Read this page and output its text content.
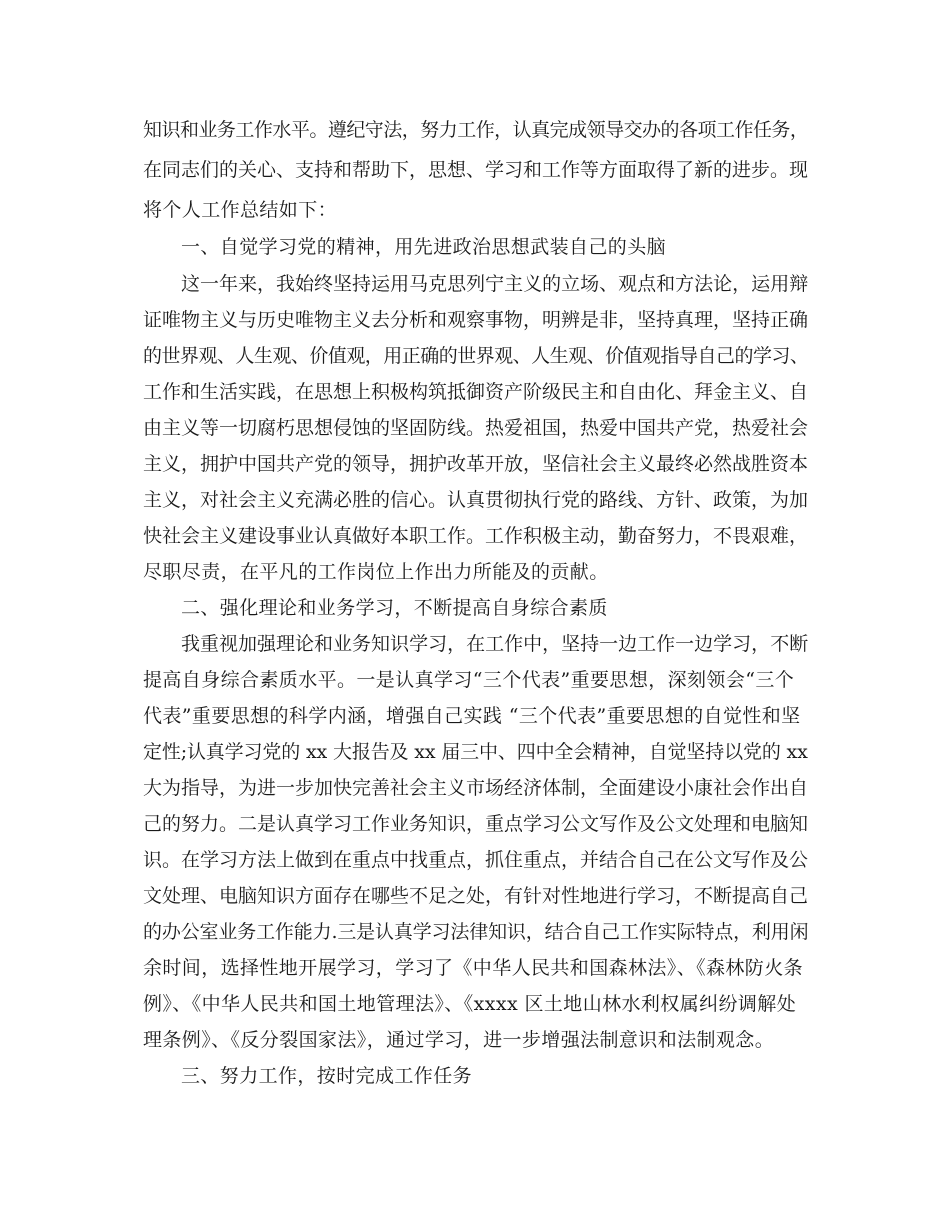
知识和业务工作水平。遵纪守法，努力工作，认真完成领导交办的各项工作任务，
在同志们的关心、支持和帮助下，思想、学习和工作等方面取得了新的进步。现
将个人工作总结如下：
一、自觉学习党的精神，用先进政治思想武装自己的头脑
这一年来，我始终坚持运用马克思列宁主义的立场、观点和方法论，运用辩
证唯物主义与历史唯物主义去分析和观察事物，明辨是非，坚持真理，坚持正确
的世界观、人生观、价值观，用正确的世界观、人生观、价值观指导自己的学习、
工作和生活实践，在思想上积极构筑抵御资产阶级民主和自由化、拜金主义、自
由主义等一切腐朽思想侵蚀的坚固防线。热爱祖国，热爱中国共产党，热爱社会
主义，拥护中国共产党的领导，拥护改革开放，坚信社会主义最终必然战胜资本
主义，对社会主义充满必胜的信心。认真贯彻执行党的路线、方针、政策，为加
快社会主义建设事业认真做好本职工作。工作积极主动，勤奋努力，不畏艰难，
尽职尽责，在平凡的工作岗位上作出力所能及的贡献。
二、强化理论和业务学习，不断提高自身综合素质
我重视加强理论和业务知识学习，在工作中，坚持一边工作一边学习，不断
提高自身综合素质水平。一是认真学习“三个代表”重要思想，深刻领会“三个
代表”重要思想的科学内涵，增强自己实践 “三个代表”重要思想的自觉性和坚
定性;认真学习党的 xx 大报告及 xx 届三中、四中全会精神，自觉坚持以党的 xx
大为指导，为进一步加快完善社会主义市场经济体制，全面建设小康社会作出自
己的努力。二是认真学习工作业务知识，重点学习公文写作及公文处理和电脑知
识。在学习方法上做到在重点中找重点，抓住重点，并结合自己在公文写作及公
文处理、电脑知识方面存在哪些不足之处，有针对性地进行学习，不断提高自己
的办公室业务工作能力.三是认真学习法律知识，结合自己工作实际特点，利用闲
余时间，选择性地开展学习，学习了《中华人民共和国森林法》、《森林防火条
例》、《中华人民共和国土地管理法》、《xxxx 区土地山林水利权属纠纷调解处
理条例》、《反分裂国家法》，通过学习，进一步增强法制意识和法制观念。
三、努力工作，按时完成工作任务
